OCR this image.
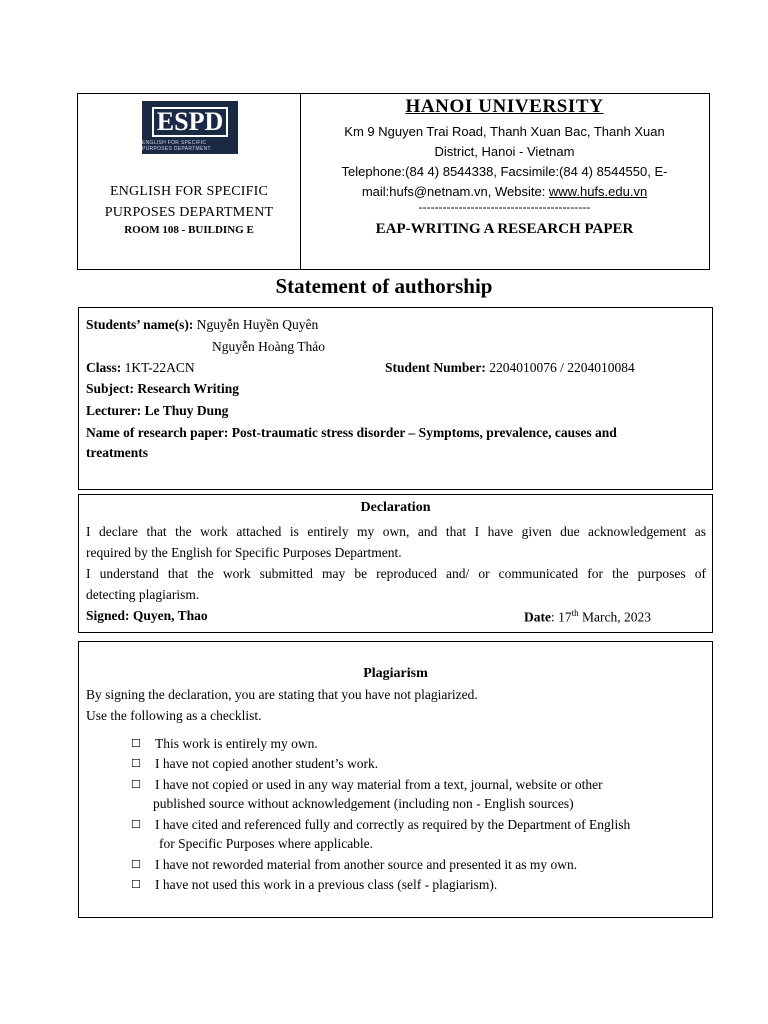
ESPD
ENGLISH FOR SPECIFIC PURPOSES DEPARTMENT
ENGLISH FOR SPECIFIC
PURPOSES DEPARTMENT
ROOM 108 - BUILDING E
HANOI UNIVERSITY
Km 9 Nguyen Trai Road, Thanh Xuan Bac, Thanh Xuan
District, Hanoi - Vietnam
Telephone:(84 4) 8544338, Facsimile:(84 4) 8544550, E-
mail:hufs@netnam.vn, Website: www.hufs.edu.vn
-------------------------------------------
EAP-WRITING A RESEARCH PAPER
Statement of authorship
Students’ name(s): Nguyễn Huyền Quyên
Nguyễn Hoàng Thảo
Class: 1KT-22ACN	Student Number: 2204010076 / 2204010084
Subject: Research Writing
Lecturer: Le Thuy Dung
Name of research paper: Post-traumatic stress disorder – Symptoms, prevalence, causes and
treatments
Declaration
I declare that the work attached is entirely my own, and that I have given due acknowledgement as
required by the English for Specific Purposes Department.
I understand that the work submitted may be reproduced and/ or communicated for the purposes of
detecting plagiarism.
Signed: Quyen, Thao	Date: 17th March, 2023
Plagiarism
By signing the declaration, you are stating that you have not plagiarized.
Use the following as a checklist.
☐ This work is entirely my own.
☐ I have not copied another student’s work.
☐ I have not copied or used in any way material from a text, journal, website or other
published source without acknowledgement (including non - English sources)
☐ I have cited and referenced fully and correctly as required by the Department of English
for Specific Purposes where applicable.
☐ I have not reworded material from another source and presented it as my own.
☐ I have not used this work in a previous class (self - plagiarism).
